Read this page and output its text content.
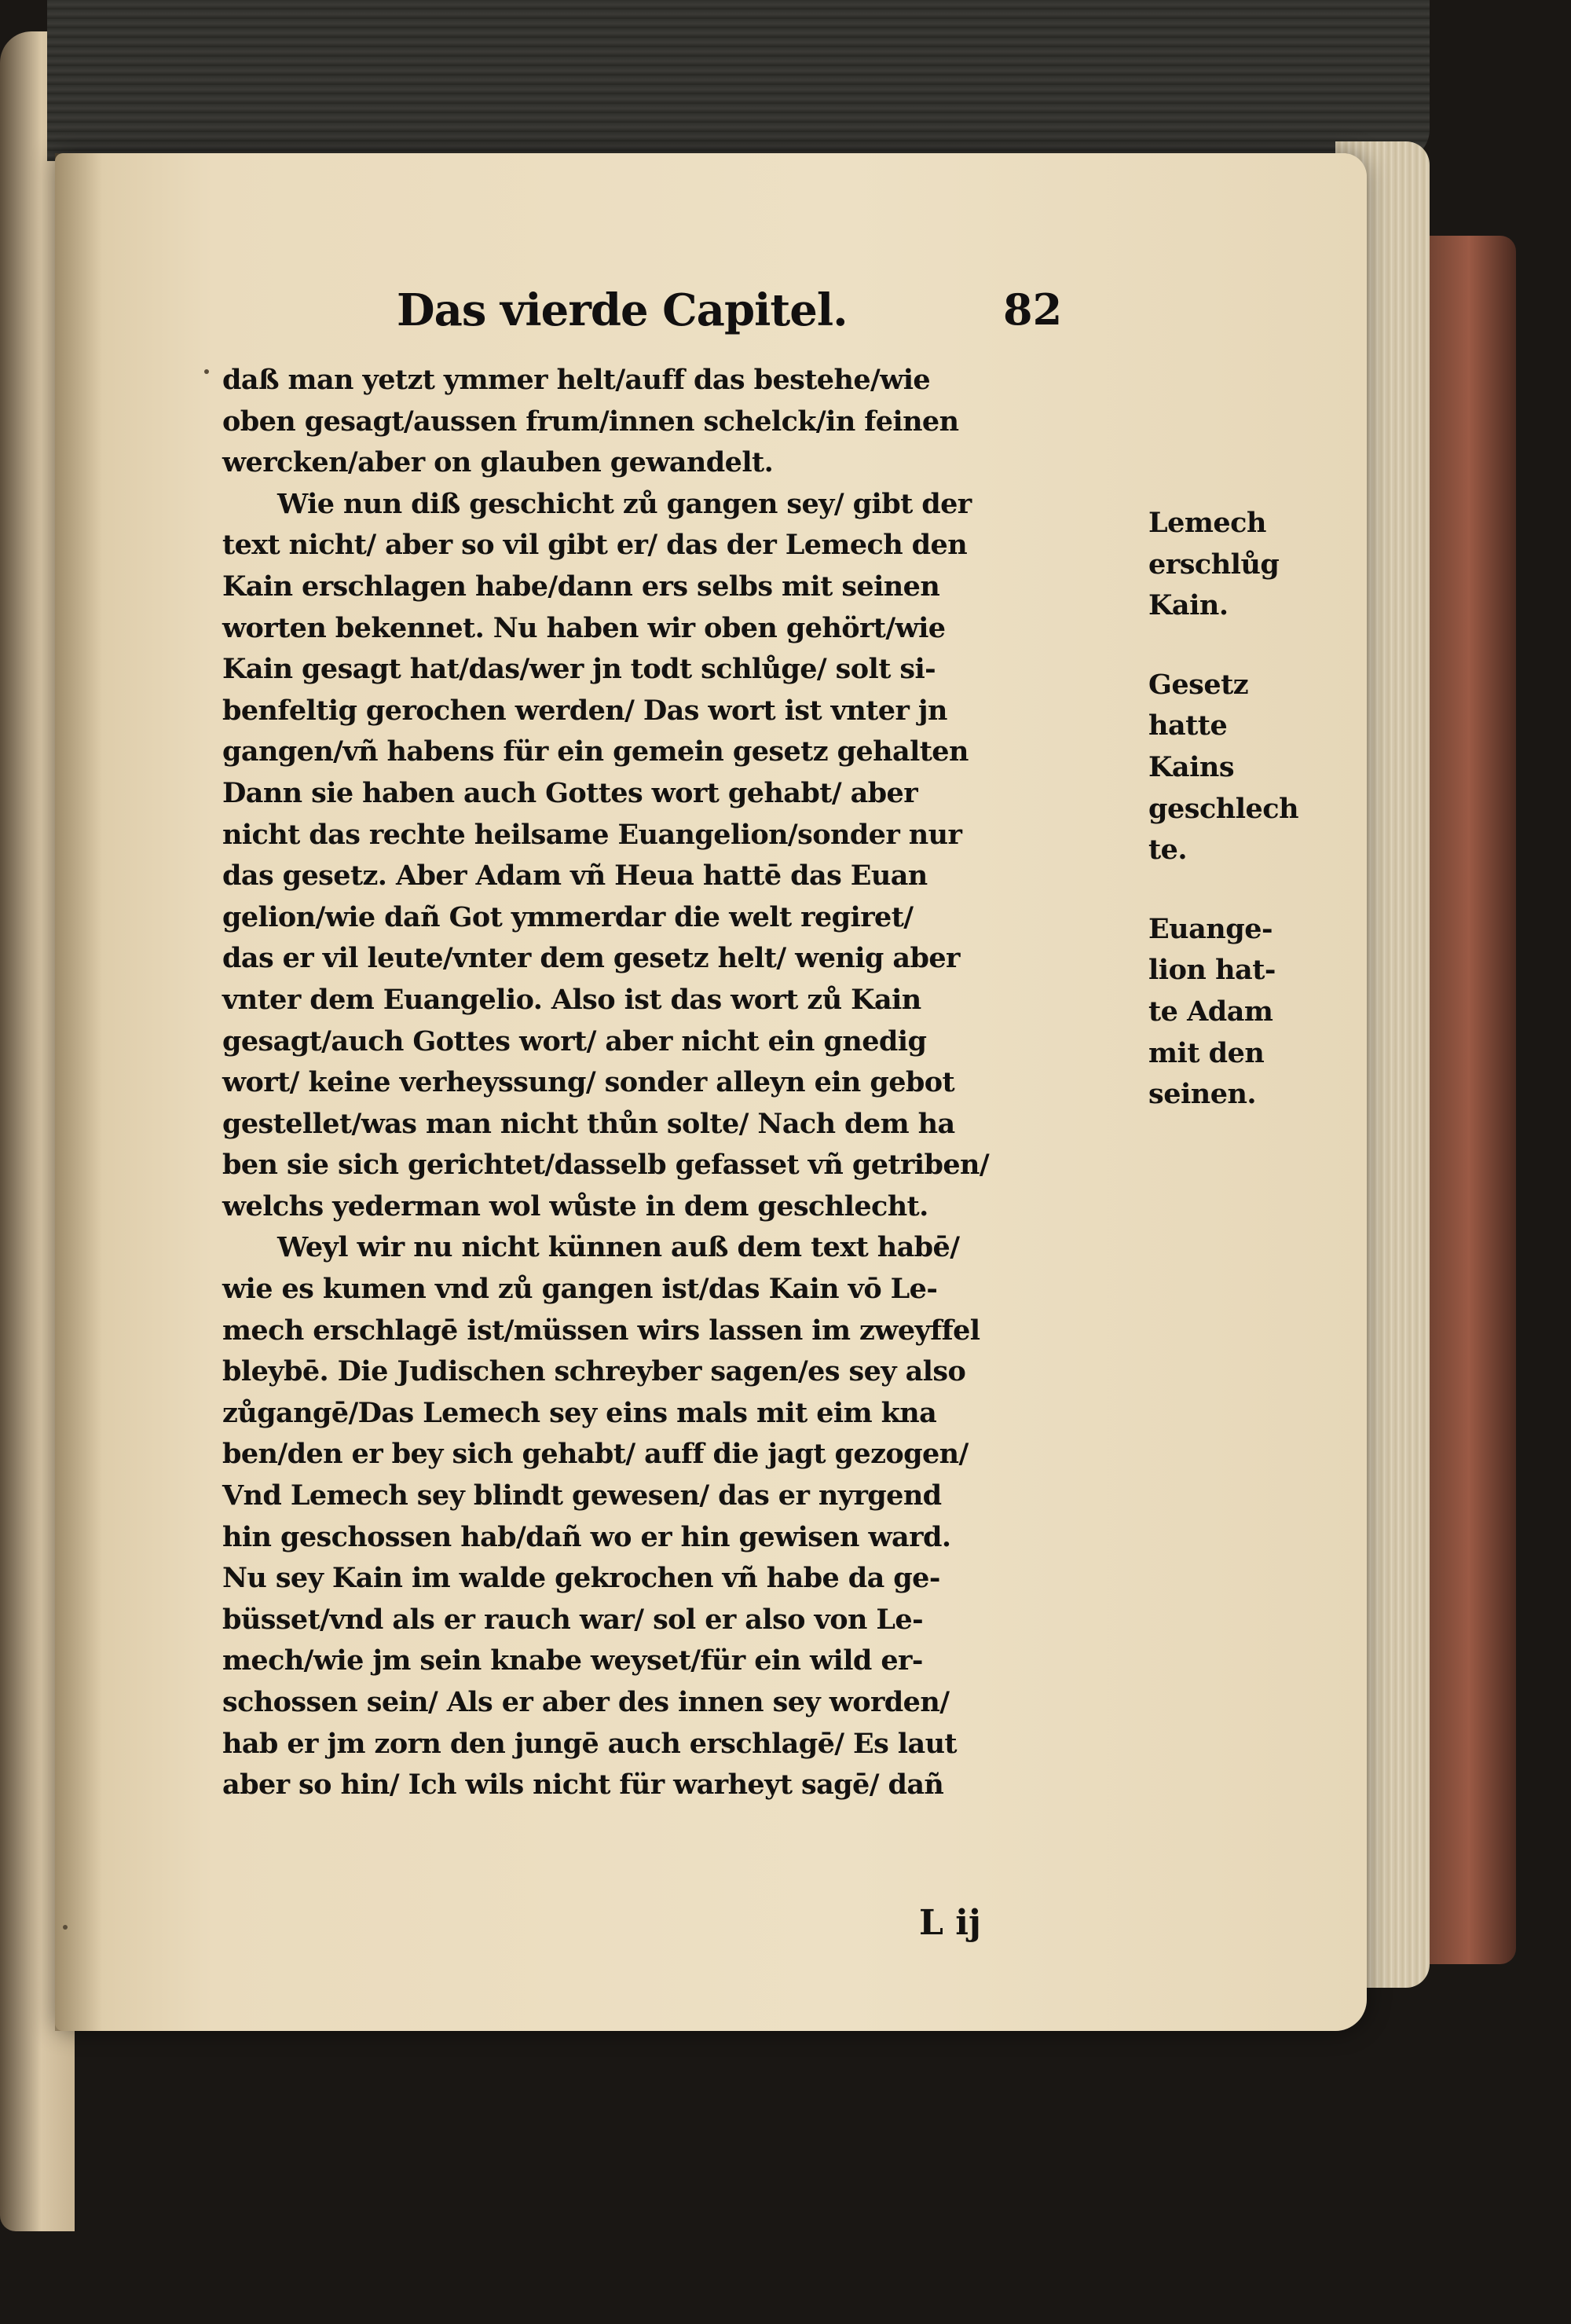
Das vierde Capitel.	82
daß man yetzt ymmer helt/auff das bestehe/wie
oben gesagt/aussen frum/innen schelck/in feinen
wercken/aber on glauben gewandelt.
Wie nun diß geschicht zů gangen sey/ gibt der
text nicht/ aber so vil gibt er/ das der Lemech den
Kain erschlagen habe/dann ers selbs mit seinen
worten bekennet. Nu haben wir oben gehört/wie
Kain gesagt hat/das/wer jn todt schlůge/ solt si-
benfeltig gerochen werden/ Das wort ist vnter jn
gangen/vñ habens für ein gemein gesetz gehalten
Dann sie haben auch Gottes wort gehabt/ aber
nicht das rechte heilsame Euangelion/sonder nur
das gesetz. Aber Adam vñ Heua hattē das Euan
gelion/wie dañ Got ymmerdar die welt regiret/
das er vil leute/vnter dem gesetz helt/ wenig aber
vnter dem Euangelio. Also ist das wort zů Kain
gesagt/auch Gottes wort/ aber nicht ein gnedig
wort/ keine verheyssung/ sonder alleyn ein gebot
gestellet/was man nicht thůn solte/ Nach dem ha
ben sie sich gerichtet/dasselb gefasset vñ getriben/
welchs yederman wol wůste in dem geschlecht.
Weyl wir nu nicht künnen auß dem text habē/
wie es kumen vnd zů gangen ist/das Kain vō Le-
mech erschlagē ist/müssen wirs lassen im zweyffel
bleybē. Die Judischen schreyber sagen/es sey also
zůgangē/Das Lemech sey eins mals mit eim kna
ben/den er bey sich gehabt/ auff die jagt gezogen/
Vnd Lemech sey blindt gewesen/ das er nyrgend
hin geschossen hab/dañ wo er hin gewisen ward.
Nu sey Kain im walde gekrochen vñ habe da ge-
büsset/vnd als er rauch war/ sol er also von Le-
mech/wie jm sein knabe weyset/für ein wild er-
schossen sein/ Als er aber des innen sey worden/
hab er jm zorn den jungē auch erschlagē/ Es laut
aber so hin/ Ich wils nicht für warheyt sagē/ dañ
Lemech
erschlůg
Kain.
Gesetz
hatte
Kains
geschlech
te.
Euange-
lion hat-
te Adam
mit den
seinen.
L ij
